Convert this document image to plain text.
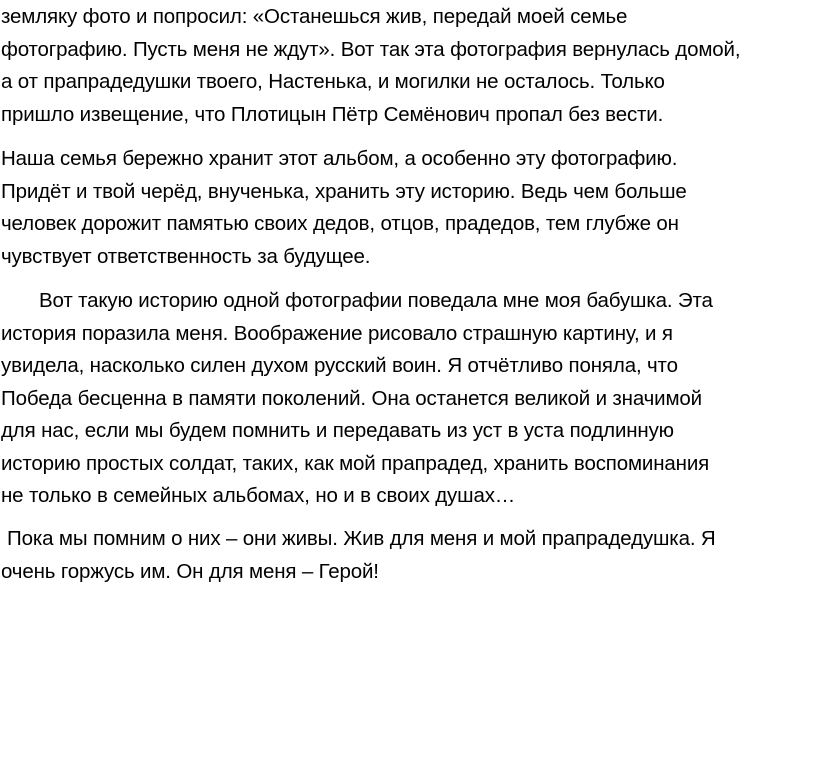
земляку фото и попросил: «Останешься жив, передай моей семье
фотографию. Пусть меня не ждут». Вот так эта фотография вернулась домой,
а от прапрадедушки твоего, Настенька, и могилки не осталось. Только
пришло извещение, что Плотицын Пётр Семёнович пропал без вести.

Наша семья бережно хранит этот альбом, а особенно эту фотографию.
Придёт и твой черёд, внученька, хранить эту историю. Ведь чем больше
человек дорожит памятью своих дедов, отцов, прадедов, тем глубже он
чувствует ответственность за будущее.

Вот такую историю одной фотографии поведала мне моя бабушка. Эта
история поразила меня. Воображение рисовало страшную картину, и я
увидела, насколько силен духом русский воин. Я отчётливо поняла, что
Победа бесценна в памяти поколений. Она останется великой и значимой
для нас, если мы будем помнить и передавать из уст в уста подлинную
историю простых солдат, таких, как мой прапрадед, хранить воспоминания
не только в семейных альбомах, но и в своих душах…

Пока мы помним о них – они живы. Жив для меня и мой прапрадедушка. Я
очень горжусь им. Он для меня – Герой!
